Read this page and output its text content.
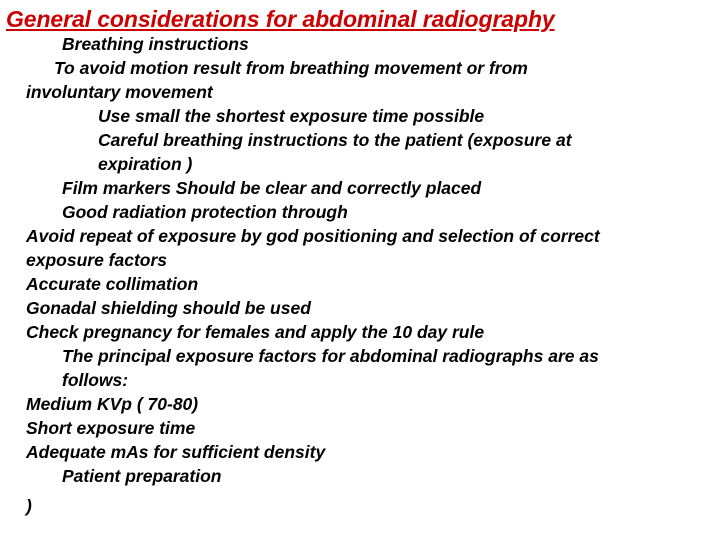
General considerations for abdominal radiography
Breathing instructions
To avoid motion result from breathing movement or from
involuntary movement
Use small the shortest exposure time possible
Careful breathing instructions to the patient (exposure at
expiration )
Film markers Should be clear and correctly placed
Good radiation protection through
Avoid repeat of exposure by god positioning and selection of correct
exposure factors
Accurate collimation
Gonadal shielding should be used
Check pregnancy for females and apply the 10 day rule
The principal exposure factors for abdominal radiographs are as
follows:
Medium KVp ( 70-80)
Short exposure time
Adequate mAs for sufficient density
Patient preparation
)
